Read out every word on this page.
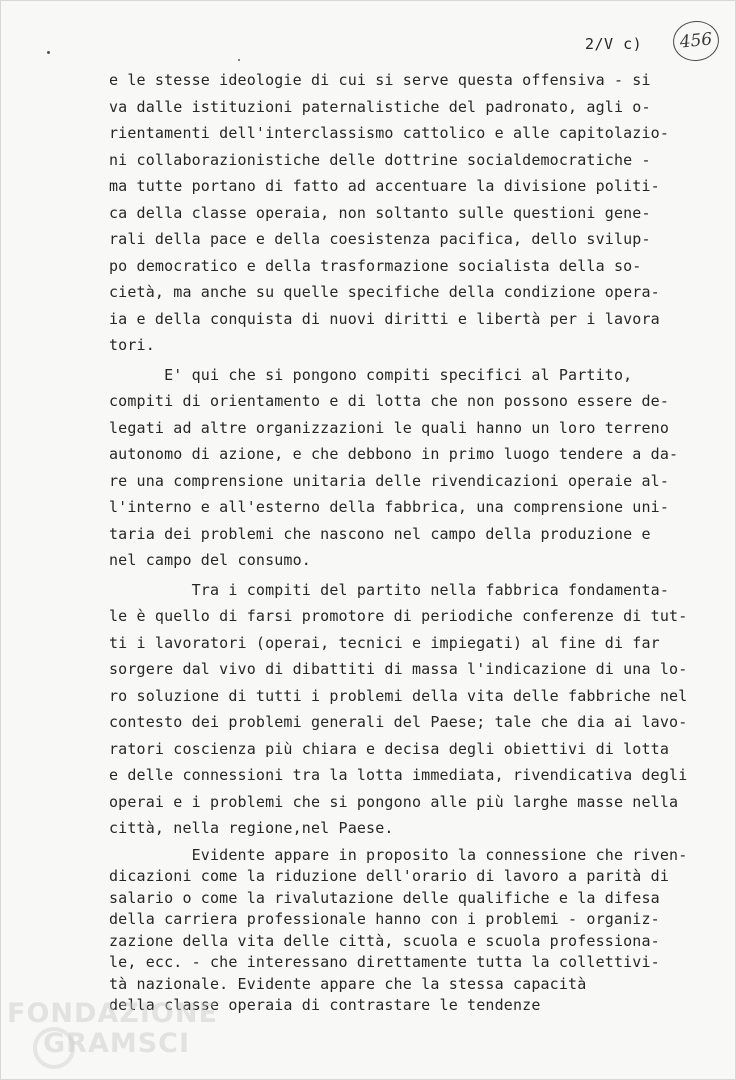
2/V c)	456
e le stesse ideologie di cui si serve questa offensiva - si
va dalle istituzioni paternalistiche del padronato, agli o-
rientamenti dell'interclassismo cattolico e alle capitolazio-
ni collaborazionistiche delle dottrine socialdemocratiche -
ma tutte portano di fatto ad accentuare la divisione politi-
ca della classe operaia, non soltanto sulle questioni gene-
rali della pace e della coesistenza pacifica, dello svilup-
po democratico e della trasformazione socialista della so-
cietà, ma anche su quelle specifiche della condizione opera-
ia e della conquista di nuovi diritti e libertà per i lavora
tori.
E' qui che si pongono compiti specifici al Partito,
compiti di orientamento e di lotta che non possono essere de-
legati ad altre organizzazioni le quali hanno un loro terreno
autonomo di azione, e che debbono in primo luogo tendere a da-
re una comprensione unitaria delle rivendicazioni operaie al-
l'interno e all'esterno della fabbrica, una comprensione uni-
taria dei problemi che nascono nel campo della produzione e
nel campo del consumo.
Tra i compiti del partito nella fabbrica fondamenta-
le è quello di farsi promotore di periodiche conferenze di tut-
ti i lavoratori (operai, tecnici e impiegati) al fine di far
sorgere dal vivo di dibattiti di massa l'indicazione di una lo-
ro soluzione di tutti i problemi della vita delle fabbriche nel
contesto dei problemi generali del Paese; tale che dia ai lavo-
ratori coscienza più chiara e decisa degli obiettivi di lotta
e delle connessioni tra la lotta immediata, rivendicativa degli
operai e i problemi che si pongono alle più larghe masse nella
città, nella regione,nel Paese.
Evidente appare in proposito la connessione che riven-
dicazioni come la riduzione dell'orario di lavoro a parità di
salario o come la rivalutazione delle qualifiche e la difesa
della carriera professionale hanno con i problemi - organiz-
zazione della vita delle città, scuola e scuola professiona-
le, ecc. - che interessano direttamente tutta la collettivi-
tà nazionale. Evidente appare che la stessa capacità
della classe operaia di contrastare le tendenze
FONDAZIONE
GRAMSCI
